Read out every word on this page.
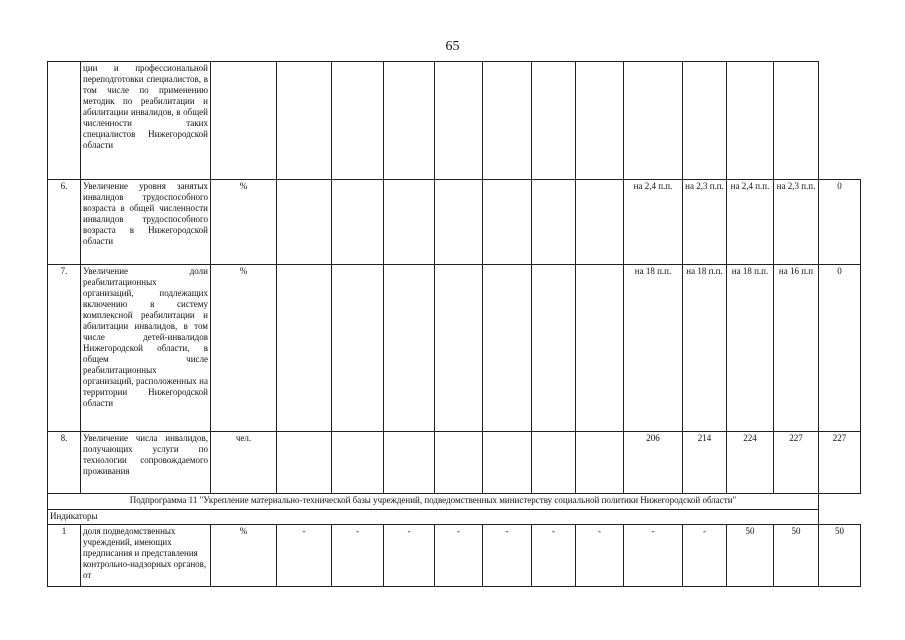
65
	ции и профессиональной переподготовки специалистов, в том числе по применению методик по реабилитации и абилитации инвалидов, в общей численности таких специалистов Нижегородской области													
6.	Увеличение уровня занятых инвалидов трудоспособного возраста в общей численности инвалидов трудоспособного возраста в Нижегородской области	%								на 2,4 п.п.	на 2,3 п.п.	на 2,4 п.п.	на 2,3 п.п.	0
7.	Увеличение доли реабилитационных организаций, подлежащих включению в систему комплексной реабилитации и абилитации инвалидов, в том числе детей-инвалидов Нижегородской области, в общем числе реабилитационных организаций, расположенных на территории Нижегородской области	%								на 18 п.п.	на 18 п.п.	на 18 п.п.	на 16 п.п	0
8.	Увеличение числа инвалидов, получающих услуги по технологии сопровождаемого проживания	чел.								206	214	224	227	227
Подпрограмма 11 "Укрепление материально-технической базы учреждений, подведомственных министерству социальной политики Нижегородской области"														
Индикаторы														
1	доля подведомственных учреждений, имеющих предписания и представления контрольно-надзорных органов, от	%	-	-	-	-	-	-	-	-	-	50	50	50
